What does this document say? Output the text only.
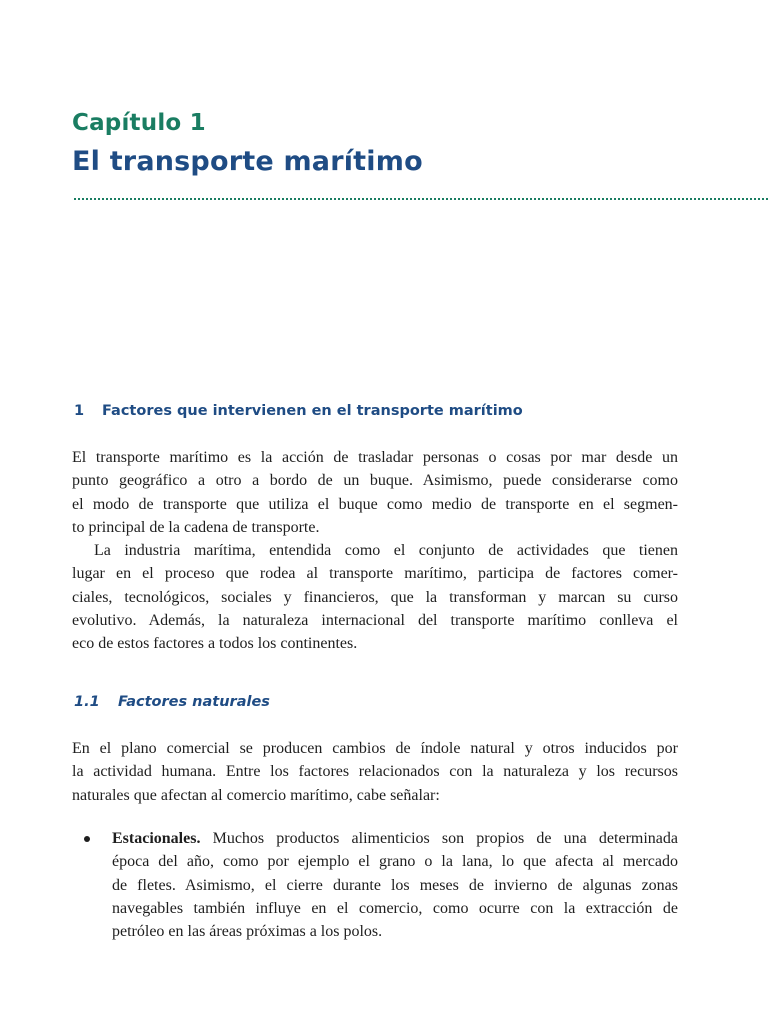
Capítulo 1
El transporte marítimo
1 Factores que intervienen en el transporte marítimo
El transporte marítimo es la acción de trasladar personas o cosas por mar desde un
punto geográfico a otro a bordo de un buque. Asimismo, puede considerarse como
el modo de transporte que utiliza el buque como medio de transporte en el segmen-
to principal de la cadena de transporte.
La industria marítima, entendida como el conjunto de actividades que tienen
lugar en el proceso que rodea al transporte marítimo, participa de factores comer-
ciales, tecnológicos, sociales y financieros, que la transforman y marcan su curso
evolutivo. Además, la naturaleza internacional del transporte marítimo conlleva el
eco de estos factores a todos los continentes.
1.1 Factores naturales
En el plano comercial se producen cambios de índole natural y otros inducidos por
la actividad humana. Entre los factores relacionados con la naturaleza y los recursos
naturales que afectan al comercio marítimo, cabe señalar:
Estacionales. Muchos productos alimenticios son propios de una determinada
época del año, como por ejemplo el grano o la lana, lo que afecta al mercado
de fletes. Asimismo, el cierre durante los meses de invierno de algunas zonas
navegables también influye en el comercio, como ocurre con la extracción de
petróleo en las áreas próximas a los polos.
